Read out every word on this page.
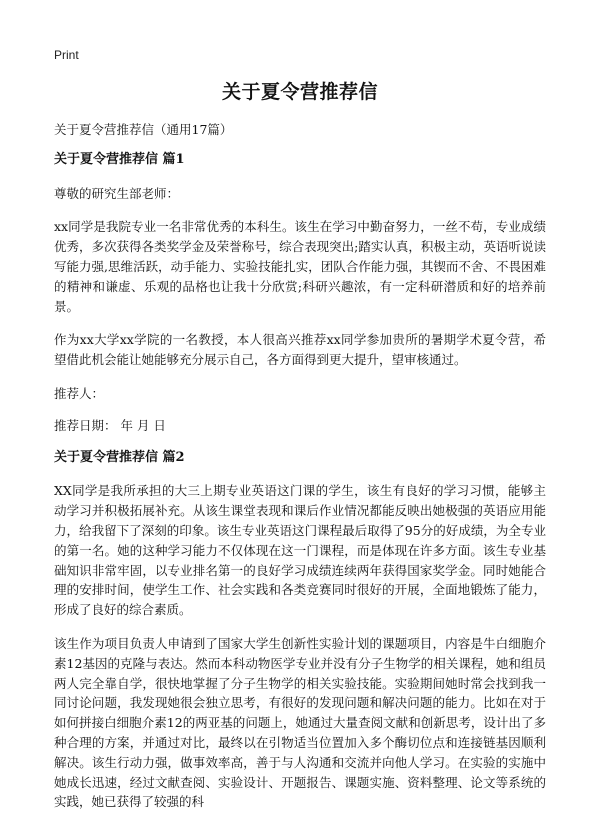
Print
关于夏令营推荐信

关于夏令营推荐信（通用17篇）

关于夏令营推荐信 篇1

尊敬的研究生部老师：

xx同学是我院专业一名非常优秀的本科生。该生在学习中勤奋努力，一丝不苟，专业成绩优秀，多次获得各类奖学金及荣誉称号，综合表现突出;踏实认真，积极主动，英语听说读写能力强,思维活跃，动手能力、实验技能扎实，团队合作能力强，其锲而不舍、不畏困难的精神和谦虚、乐观的品格也让我十分欣赏;科研兴趣浓，有一定科研潜质和好的培养前景。

作为xx大学xx学院的一名教授，本人很高兴推荐xx同学参加贵所的暑期学术夏令营，希望借此机会能让她能够充分展示自己，各方面得到更大提升，望审核通过。

推荐人：

推荐日期： 年 月 日

关于夏令营推荐信 篇2

XX同学是我所承担的大三上期专业英语这门课的学生，该生有良好的学习习惯，能够主动学习并积极拓展补充。从该生课堂表现和课后作业情况都能反映出她极强的英语应用能力，给我留下了深刻的印象。该生专业英语这门课程最后取得了95分的好成绩，为全专业的第一名。她的这种学习能力不仅体现在这一门课程，而是体现在许多方面。该生专业基础知识非常牢固，以专业排名第一的良好学习成绩连续两年获得国家奖学金。同时她能合理的安排时间，使学生工作、社会实践和各类竞赛同时很好的开展，全面地锻炼了能力，形成了良好的综合素质。

该生作为项目负责人申请到了国家大学生创新性实验计划的课题项目，内容是牛白细胞介素12基因的克隆与表达。然而本科动物医学专业并没有分子生物学的相关课程，她和组员两人完全靠自学，很快地掌握了分子生物学的相关实验技能。实验期间她时常会找到我一同讨论问题，我发现她很会独立思考，有很好的发现问题和解决问题的能力。比如在对于如何拼接白细胞介素12的两亚基的问题上，她通过大量查阅文献和创新思考，设计出了多种合理的方案，并通过对比，最终以在引物适当位置加入多个酶切位点和连接链基因顺利解决。该生行动力强，做事效率高，善于与人沟通和交流并向他人学习。在实验的实施中她成长迅速，经过文献查阅、实验设计、开题报告、课题实施、资料整理、论文等系统的实践，她已获得了较强的科
